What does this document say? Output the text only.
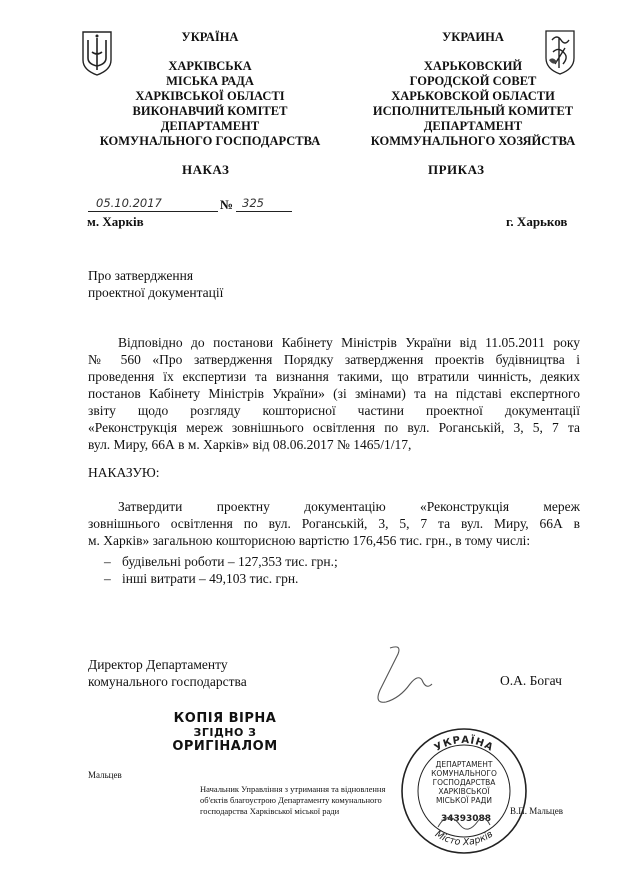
УКРАЇНА
ХАРКІВСЬКА
МІСЬКА РАДА
ХАРКІВСЬКОЇ ОБЛАСТІ
ВИКОНАВЧИЙ КОМІТЕТ
ДЕПАРТАМЕНТ
КОМУНАЛЬНОГО ГОСПОДАРСТВА
УКРАИНА
ХАРЬКОВСКИЙ
ГОРОДСКОЙ СОВЕТ
ХАРЬКОВСКОЙ ОБЛАСТИ
ИСПОЛНИТЕЛЬНЫЙ КОМИТЕТ
ДЕПАРТАМЕНТ
КОММУНАЛЬНОГО ХОЗЯЙСТВА
НАКАЗ	ПРИКАЗ
05.10.2017	№ 325
м. Харків	г. Харьков
Про затвердження
проектної документації
Відповідно до постанови Кабінету Міністрів України від 11.05.2011 року
№ 560 «Про затвердження Порядку затвердження проектів будівництва і
проведення їх експертизи та визнання такими, що втратили чинність, деяких
постанов Кабінету Міністрів України» (зі змінами) та на підставі експертного
звіту щодо розгляду кошторисної частини проектної документації
«Реконструкція мереж зовнішнього освітлення по вул. Роганській, 3, 5, 7 та
вул. Миру, 66А в м. Харків» від 08.06.2017 № 1465/1/17,
НАКАЗУЮ:
Затвердити проектну документацію «Реконструкція мереж
зовнішнього освітлення по вул. Роганській, 3, 5, 7 та вул. Миру, 66А в
м. Харків» загальною кошторисною вартістю 176,456 тис. грн., в тому числі:
– будівельні роботи – 127,353 тис. грн.;
– інші витрати – 49,103 тис. грн.
Директор Департаменту
комунального господарства	О.А. Богач
КОПІЯ ВІРНА
ЗГІДНО З
ОРИГІНАЛОМ
Мальцев
Начальник Управління з утримання та відновлення
об'єктів благоустрою Департаменту комунального
господарства Харківської міської ради	В.П. Мальцев
УКРАЇНА
Місто Харків
ДЕПАРТАМЕНТ
КОМУНАЛЬНОГО
ГОСПОДАРСТВА
ХАРКІВСЬКОЇ
МІСЬКОЇ РАДИ
34393088
